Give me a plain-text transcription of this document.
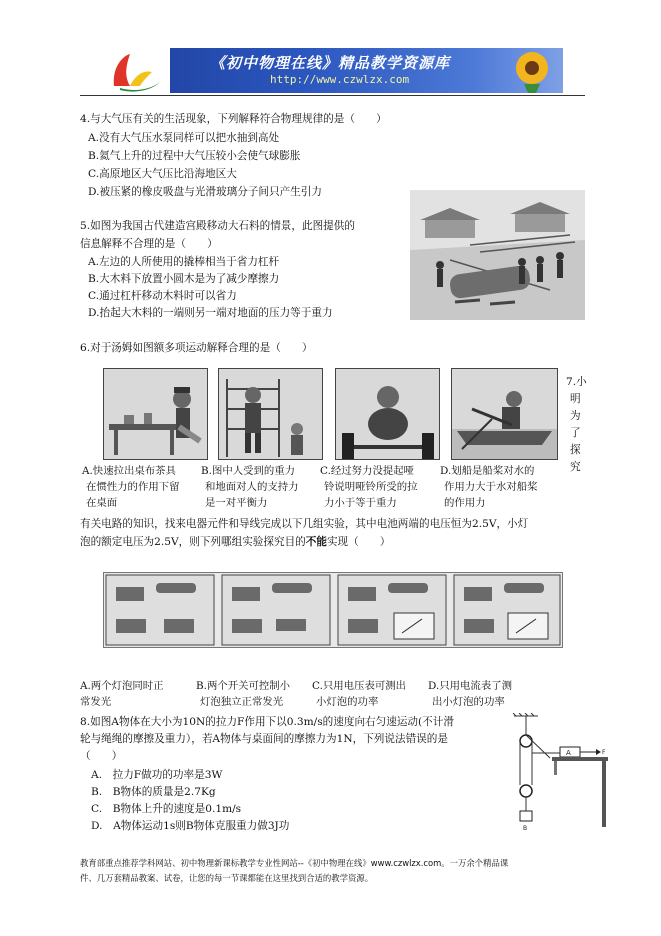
《初中物理在线》精品教学资源库
http://www.czwlzx.com
4.与大气压有关的生活现象，下列解释符合物理规律的是（　　）
A.没有大气压水泵同样可以把水抽到高处
B.氦气上升的过程中大气压较小会使气球膨胀
C.高原地区大气压比沿海地区大
D.被压紧的橡皮吸盘与光滑玻璃分子间只产生引力
5.如图为我国古代建造宫殿移动大石料的情景，此图提供的
信息解释不合理的是（　　）
A.左边的人所使用的撬棒相当于省力杠杆
B.大木料下放置小圆木是为了减少摩擦力
C.通过杠杆移动木料时可以省力
D.抬起大木料的一端则另一端对地面的压力等于重力
6.对于汤姆如图额多项运动解释合理的是（　　）
7.小
明
为
了
探
究
A.快速拉出桌布茶具
在惯性力的作用下留
在桌面
B.图中人受到的重力
和地面对人的支持力
是一对平衡力
C.经过努力没提起哑
铃说明哑铃所受的拉
力小于等于重力
D.划船是船桨对水的
作用力大于水对船桨
的作用力
有关电路的知识，找来电器元件和导线完成以下几组实验，其中电池两端的电压恒为2.5V，小灯
泡的额定电压为2.5V，则下列哪组实验探究目的不能实现（　　）
A.两个灯泡同时正
常发光
B.两个开关可控制小
灯泡独立正常发光
C.只用电压表可测出
小灯泡的功率
D.只用电流表了测
出小灯泡的功率
8.如图A物体在大小为10N的拉力F作用下以0.3m/s的速度向右匀速运动(不计滑
轮与绳绳的摩擦及重力），若A物体与桌面间的摩擦力为1N，下列说法错误的是
（　　）
A.　拉力F做功的功率是3W
B.　B物体的质量是2.7Kg
C.　B物体上升的速度是0.1m/s
D.　A物体运动1s则B物体克服重力做3J功	B
A	F
教育部重点推荐学科网站、初中物理新课标教学专业性网站--《初中物理在线》www.czwlzx.com。一万余个精品课
件、几万套精品教案、试卷，让您的每一节课都能在这里找到合适的教学资源。
